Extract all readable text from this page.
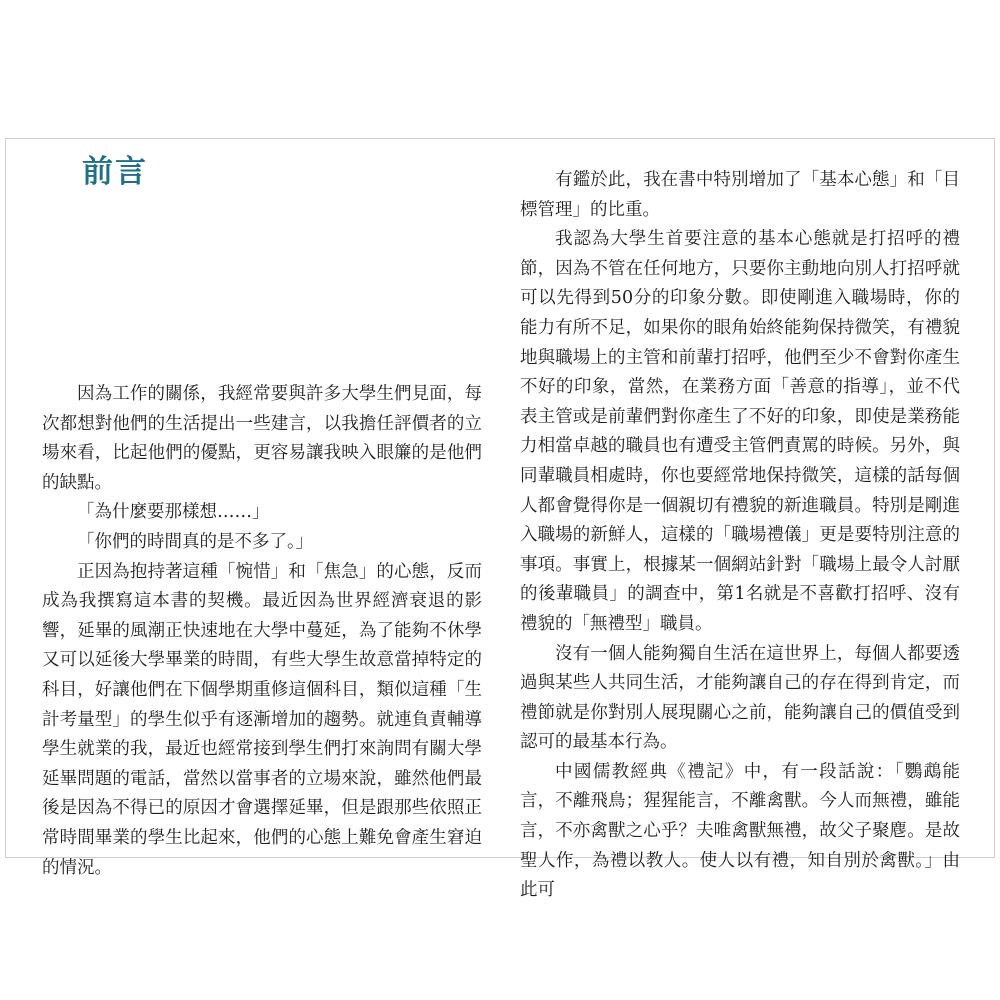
前言

因為工作的關係，我經常要與許多大學生們見面，每次都想對他們的生活提出一些建言，以我擔任評價者的立場來看，比起他們的優點，更容易讓我映入眼簾的是他們的缺點。

「為什麼要那樣想……」

「你們的時間真的是不多了。」

正因為抱持著這種「惋惜」和「焦急」的心態，反而成為我撰寫這本書的契機。最近因為世界經濟衰退的影響，延畢的風潮正快速地在大學中蔓延，為了能夠不休學又可以延後大學畢業的時間，有些大學生故意當掉特定的科目，好讓他們在下個學期重修這個科目，類似這種「生計考量型」的學生似乎有逐漸增加的趨勢。就連負責輔導學生就業的我，最近也經常接到學生們打來詢問有關大學延畢問題的電話，當然以當事者的立場來說，雖然他們最後是因為不得已的原因才會選擇延畢，但是跟那些依照正常時間畢業的學生比起來，他們的心態上難免會產生窘迫的情況。

有鑑於此，我在書中特別增加了「基本心態」和「目標管理」的比重。

我認為大學生首要注意的基本心態就是打招呼的禮節，因為不管在任何地方，只要你主動地向別人打招呼就可以先得到50分的印象分數。即使剛進入職場時，你的能力有所不足，如果你的眼角始終能夠保持微笑，有禮貌地與職場上的主管和前輩打招呼，他們至少不會對你產生不好的印象，當然，在業務方面「善意的指導」，並不代表主管或是前輩們對你產生了不好的印象，即使是業務能力相當卓越的職員也有遭受主管們責罵的時候。另外，與同輩職員相處時，你也要經常地保持微笑，這樣的話每個人都會覺得你是一個親切有禮貌的新進職員。特別是剛進入職場的新鮮人，這樣的「職場禮儀」更是要特別注意的事項。事實上，根據某一個網站針對「職場上最令人討厭的後輩職員」的調查中，第1名就是不喜歡打招呼、沒有禮貌的「無禮型」職員。

沒有一個人能夠獨自生活在這世界上，每個人都要透過與某些人共同生活，才能夠讓自己的存在得到肯定，而禮節就是你對別人展現關心之前，能夠讓自己的價值受到認可的最基本行為。

中國儒教經典《禮記》中，有一段話說：「鸚鵡能言，不離飛鳥；猩猩能言，不離禽獸。今人而無禮，雖能言，不亦禽獸之心乎？夫唯禽獸無禮，故父子聚麀。是故聖人作，為禮以教人。使人以有禮，知自別於禽獸。」由此可
